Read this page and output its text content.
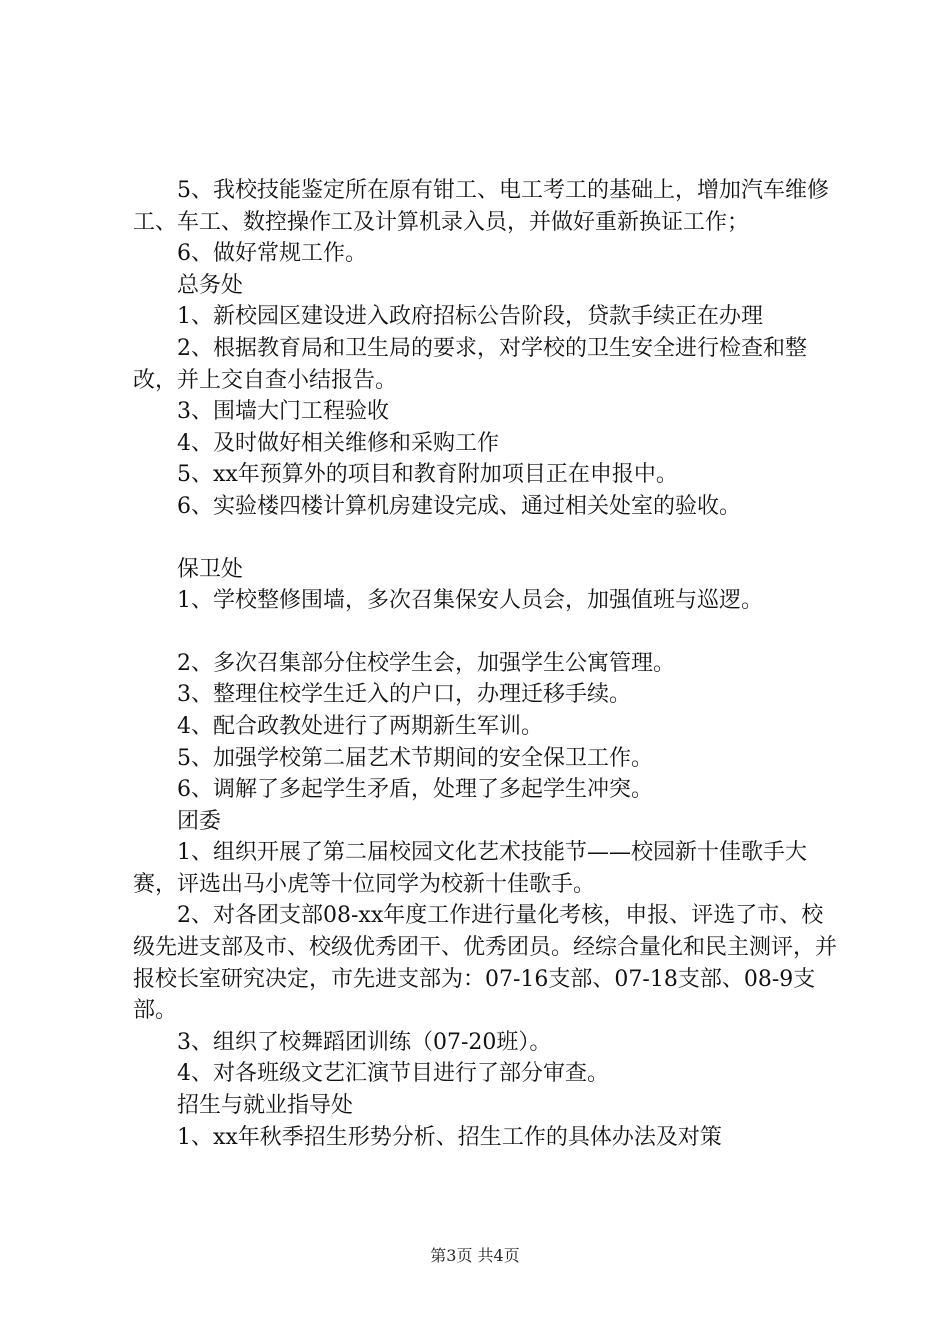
5、我校技能鉴定所在原有钳工、电工考工的基础上，增加汽车维修工、车工、数控操作工及计算机录入员，并做好重新换证工作；

6、做好常规工作。

总务处

1、新校园区建设进入政府招标公告阶段，贷款手续正在办理

2、根据教育局和卫生局的要求，对学校的卫生安全进行检查和整改，并上交自查小结报告。

3、围墙大门工程验收

4、及时做好相关维修和采购工作

5、xx年预算外的项目和教育附加项目正在申报中。

6、实验楼四楼计算机房建设完成、通过相关处室的验收。

保卫处

1、学校整修围墙，多次召集保安人员会，加强值班与巡逻。

2、多次召集部分住校学生会，加强学生公寓管理。

3、整理住校学生迁入的户口，办理迁移手续。

4、配合政教处进行了两期新生军训。

5、加强学校第二届艺术节期间的安全保卫工作。

6、调解了多起学生矛盾，处理了多起学生冲突。

团委

1、组织开展了第二届校园文化艺术技能节——校园新十佳歌手大赛，评选出马小虎等十位同学为校新十佳歌手。

2、对各团支部08-xx年度工作进行量化考核，申报、评选了市、校级先进支部及市、校级优秀团干、优秀团员。经综合量化和民主测评，并报校长室研究决定，市先进支部为：07-16支部、07-18支部、08-9支部。

3、组织了校舞蹈团训练（07-20班）。

4、对各班级文艺汇演节目进行了部分审查。

招生与就业指导处

1、xx年秋季招生形势分析、招生工作的具体办法及对策

第3页 共4页
